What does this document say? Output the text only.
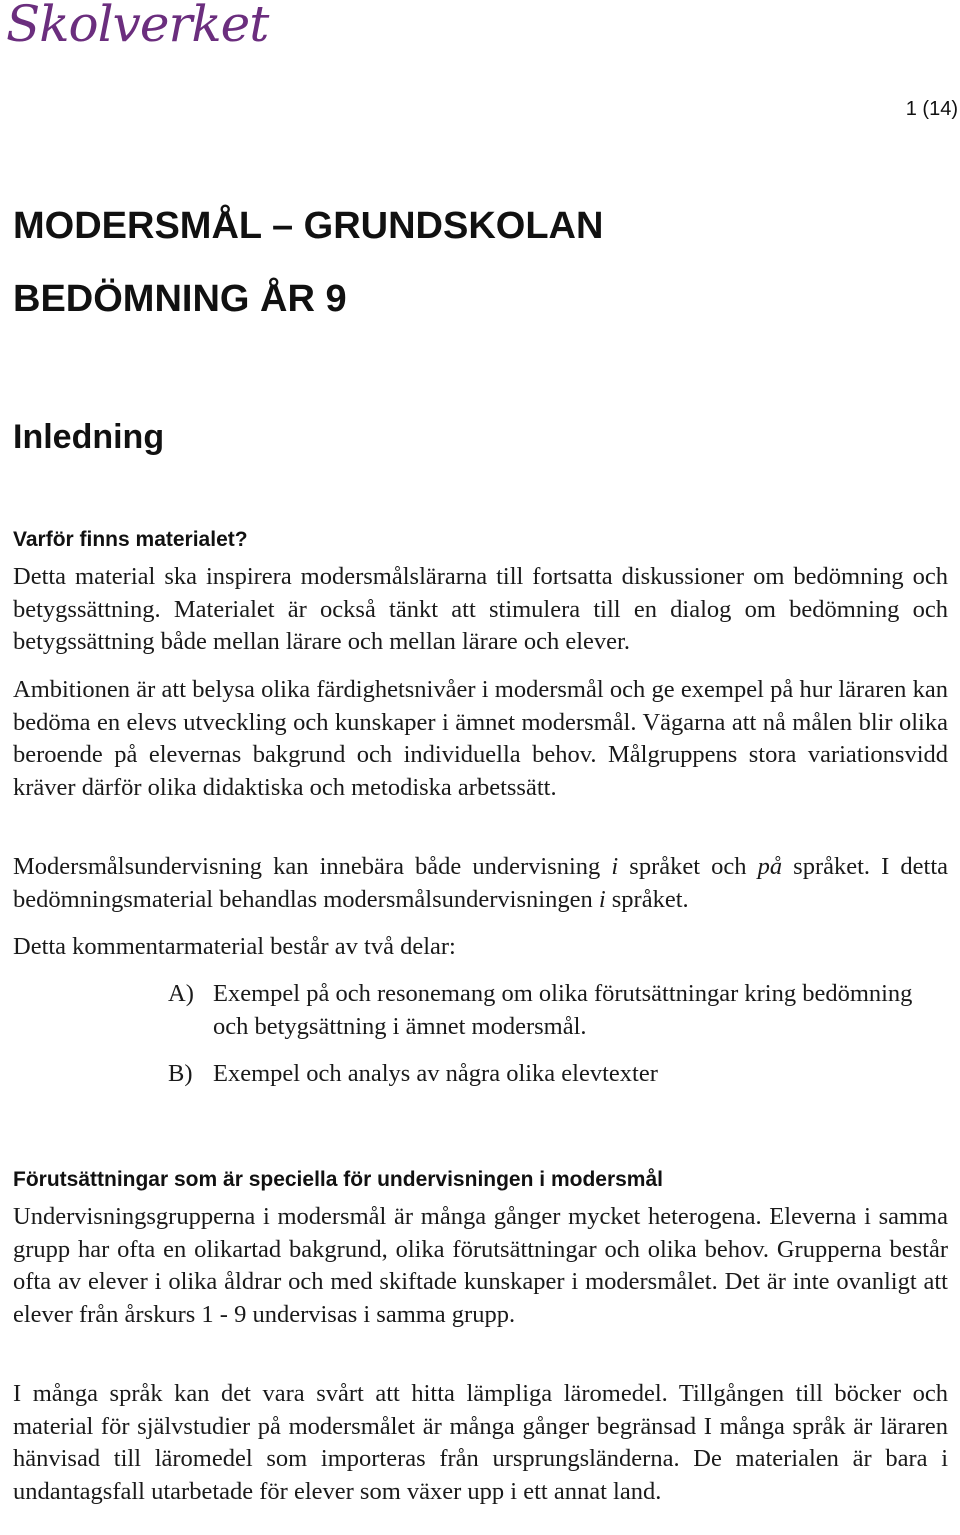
Skolverket
1 (14)
MODERSMÅL – GRUNDSKOLAN
BEDÖMNING ÅR 9
Inledning
Varför finns materialet?

Detta material ska inspirera modersmålslärarna till fortsatta diskussioner om bedömning och betygssättning. Materialet är också tänkt att stimulera till en dialog om bedömning och betygssättning både mellan lärare och mellan lärare och elever.

Ambitionen är att belysa olika färdighetsnivåer i modersmål och ge exempel på hur läraren kan bedöma en elevs utveckling och kunskaper i ämnet modersmål. Vägarna att nå målen blir olika beroende på elevernas bakgrund och individuella behov. Målgruppens stora variationsvidd kräver därför olika didaktiska och metodiska arbetssätt.

Modersmålsundervisning kan innebära både undervisning i språket och på språket. I detta bedömningsmaterial behandlas modersmålsundervisningen i språket.

Detta kommentarmaterial består av två delar:

A) Exempel på och resonemang om olika förutsättningar kring bedömning och betygsättning i ämnet modersmål.
B) Exempel och analys av några olika elevtexter
Förutsättningar som är speciella för undervisningen i modersmål

Undervisningsgrupperna i modersmål är många gånger mycket heterogena. Eleverna i samma grupp har ofta en olikartad bakgrund, olika förutsättningar och olika behov. Grupperna består ofta av elever i olika åldrar och med skiftade kunskaper i modersmålet. Det är inte ovanligt att elever från årskurs 1 - 9 undervisas i samma grupp.

I många språk kan det vara svårt att hitta lämpliga läromedel. Tillgången till böcker och material för självstudier på modersmålet är många gånger begränsad I många språk är läraren hänvisad till läromedel som importeras från ursprungsländerna. De materialen är bara i undantagsfall utarbetade för elever som växer upp i ett annat land.
